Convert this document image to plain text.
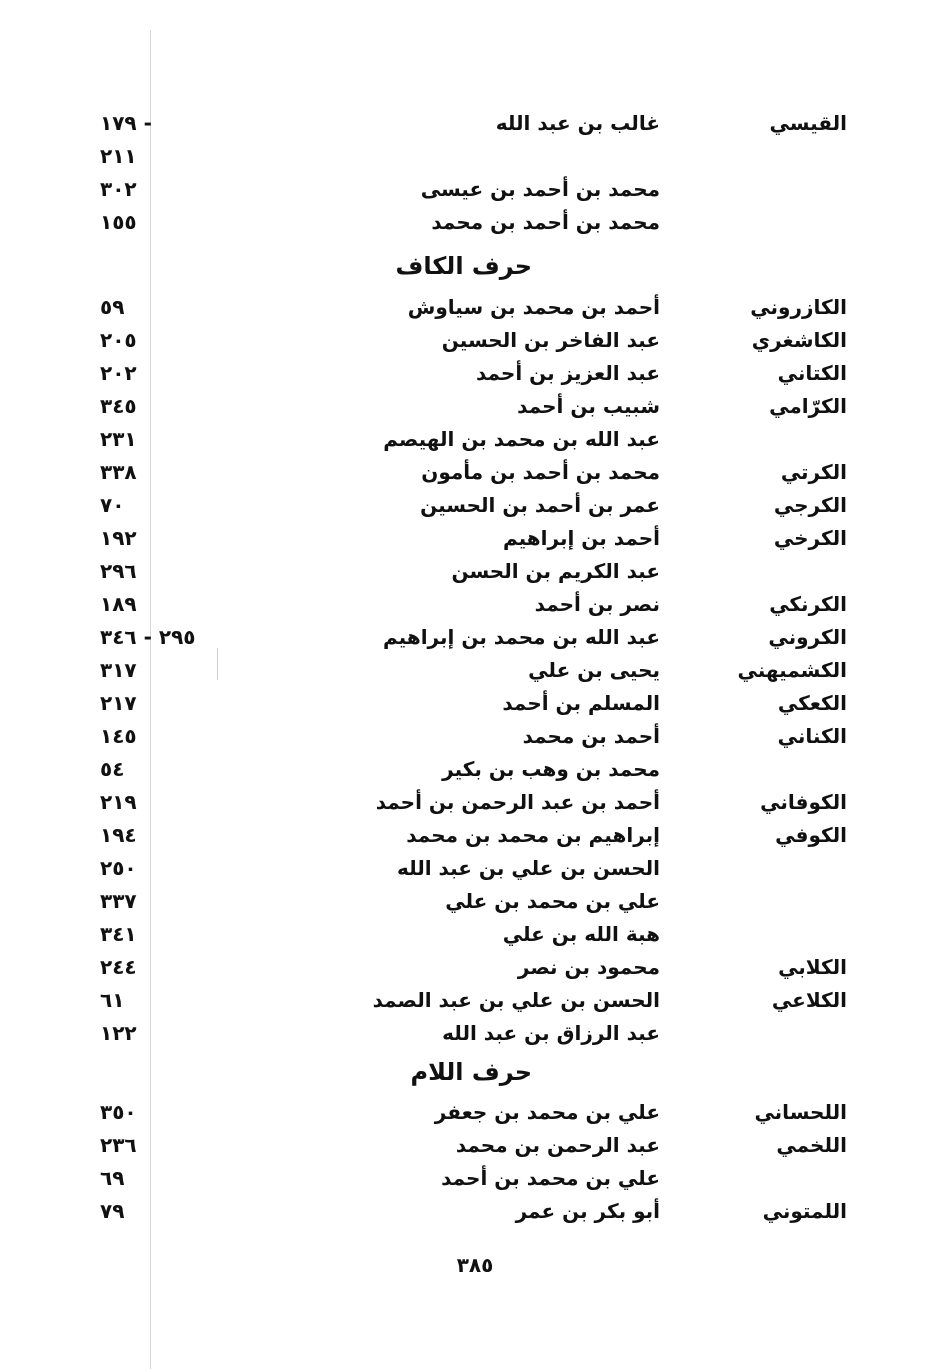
القيسي
غالب بن عبد الله
- ١٧٩
٢١١
محمد بن أحمد بن عيسى
٣٠٢
محمد بن أحمد بن محمد
١٥٥
حرف الكاف
الكازروني
أحمد بن محمد بن سياوش
٥٩
الكاشغري
عبد الفاخر بن الحسين
٢٠٥
الكتاني
عبد العزيز بن أحمد
٢٠٢
الكرّامي
شبيب بن أحمد
٣٤٥
عبد الله بن محمد بن الهيصم
٢٣١
الكرتي
محمد بن أحمد بن مأمون
٣٣٨
الكرجي
عمر بن أحمد بن الحسين
٧٠
الكرخي
أحمد بن إبراهيم
١٩٢
عبد الكريم بن الحسن
٢٩٦
الكرنكي
نصر بن أحمد
١٨٩
الكروني
عبد الله بن محمد بن إبراهيم
٢٩٥ - ٣٤٦
الكشميهني
يحيى بن علي
٣١٧
الكعكي
المسلم بن أحمد
٢١٧
الكناني
أحمد بن محمد
١٤٥
محمد بن وهب بن بكير
٥٤
الكوفاني
أحمد بن عبد الرحمن بن أحمد
٢١٩
الكوفي
إبراهيم بن محمد بن محمد
١٩٤
الحسن بن علي بن عبد الله
٢٥٠
علي بن محمد بن علي
٣٣٧
هبة الله بن علي
٣٤١
الكلابي
محمود بن نصر
٢٤٤
الكلاعي
الحسن بن علي بن عبد الصمد
٦١
عبد الرزاق بن عبد الله
١٢٢
حرف اللام
اللحساني
علي بن محمد بن جعفر
٣٥٠
اللخمي
عبد الرحمن بن محمد
٢٣٦
علي بن محمد بن أحمد
٦٩
اللمتوني
أبو بكر بن عمر
٧٩
٣٨٥
